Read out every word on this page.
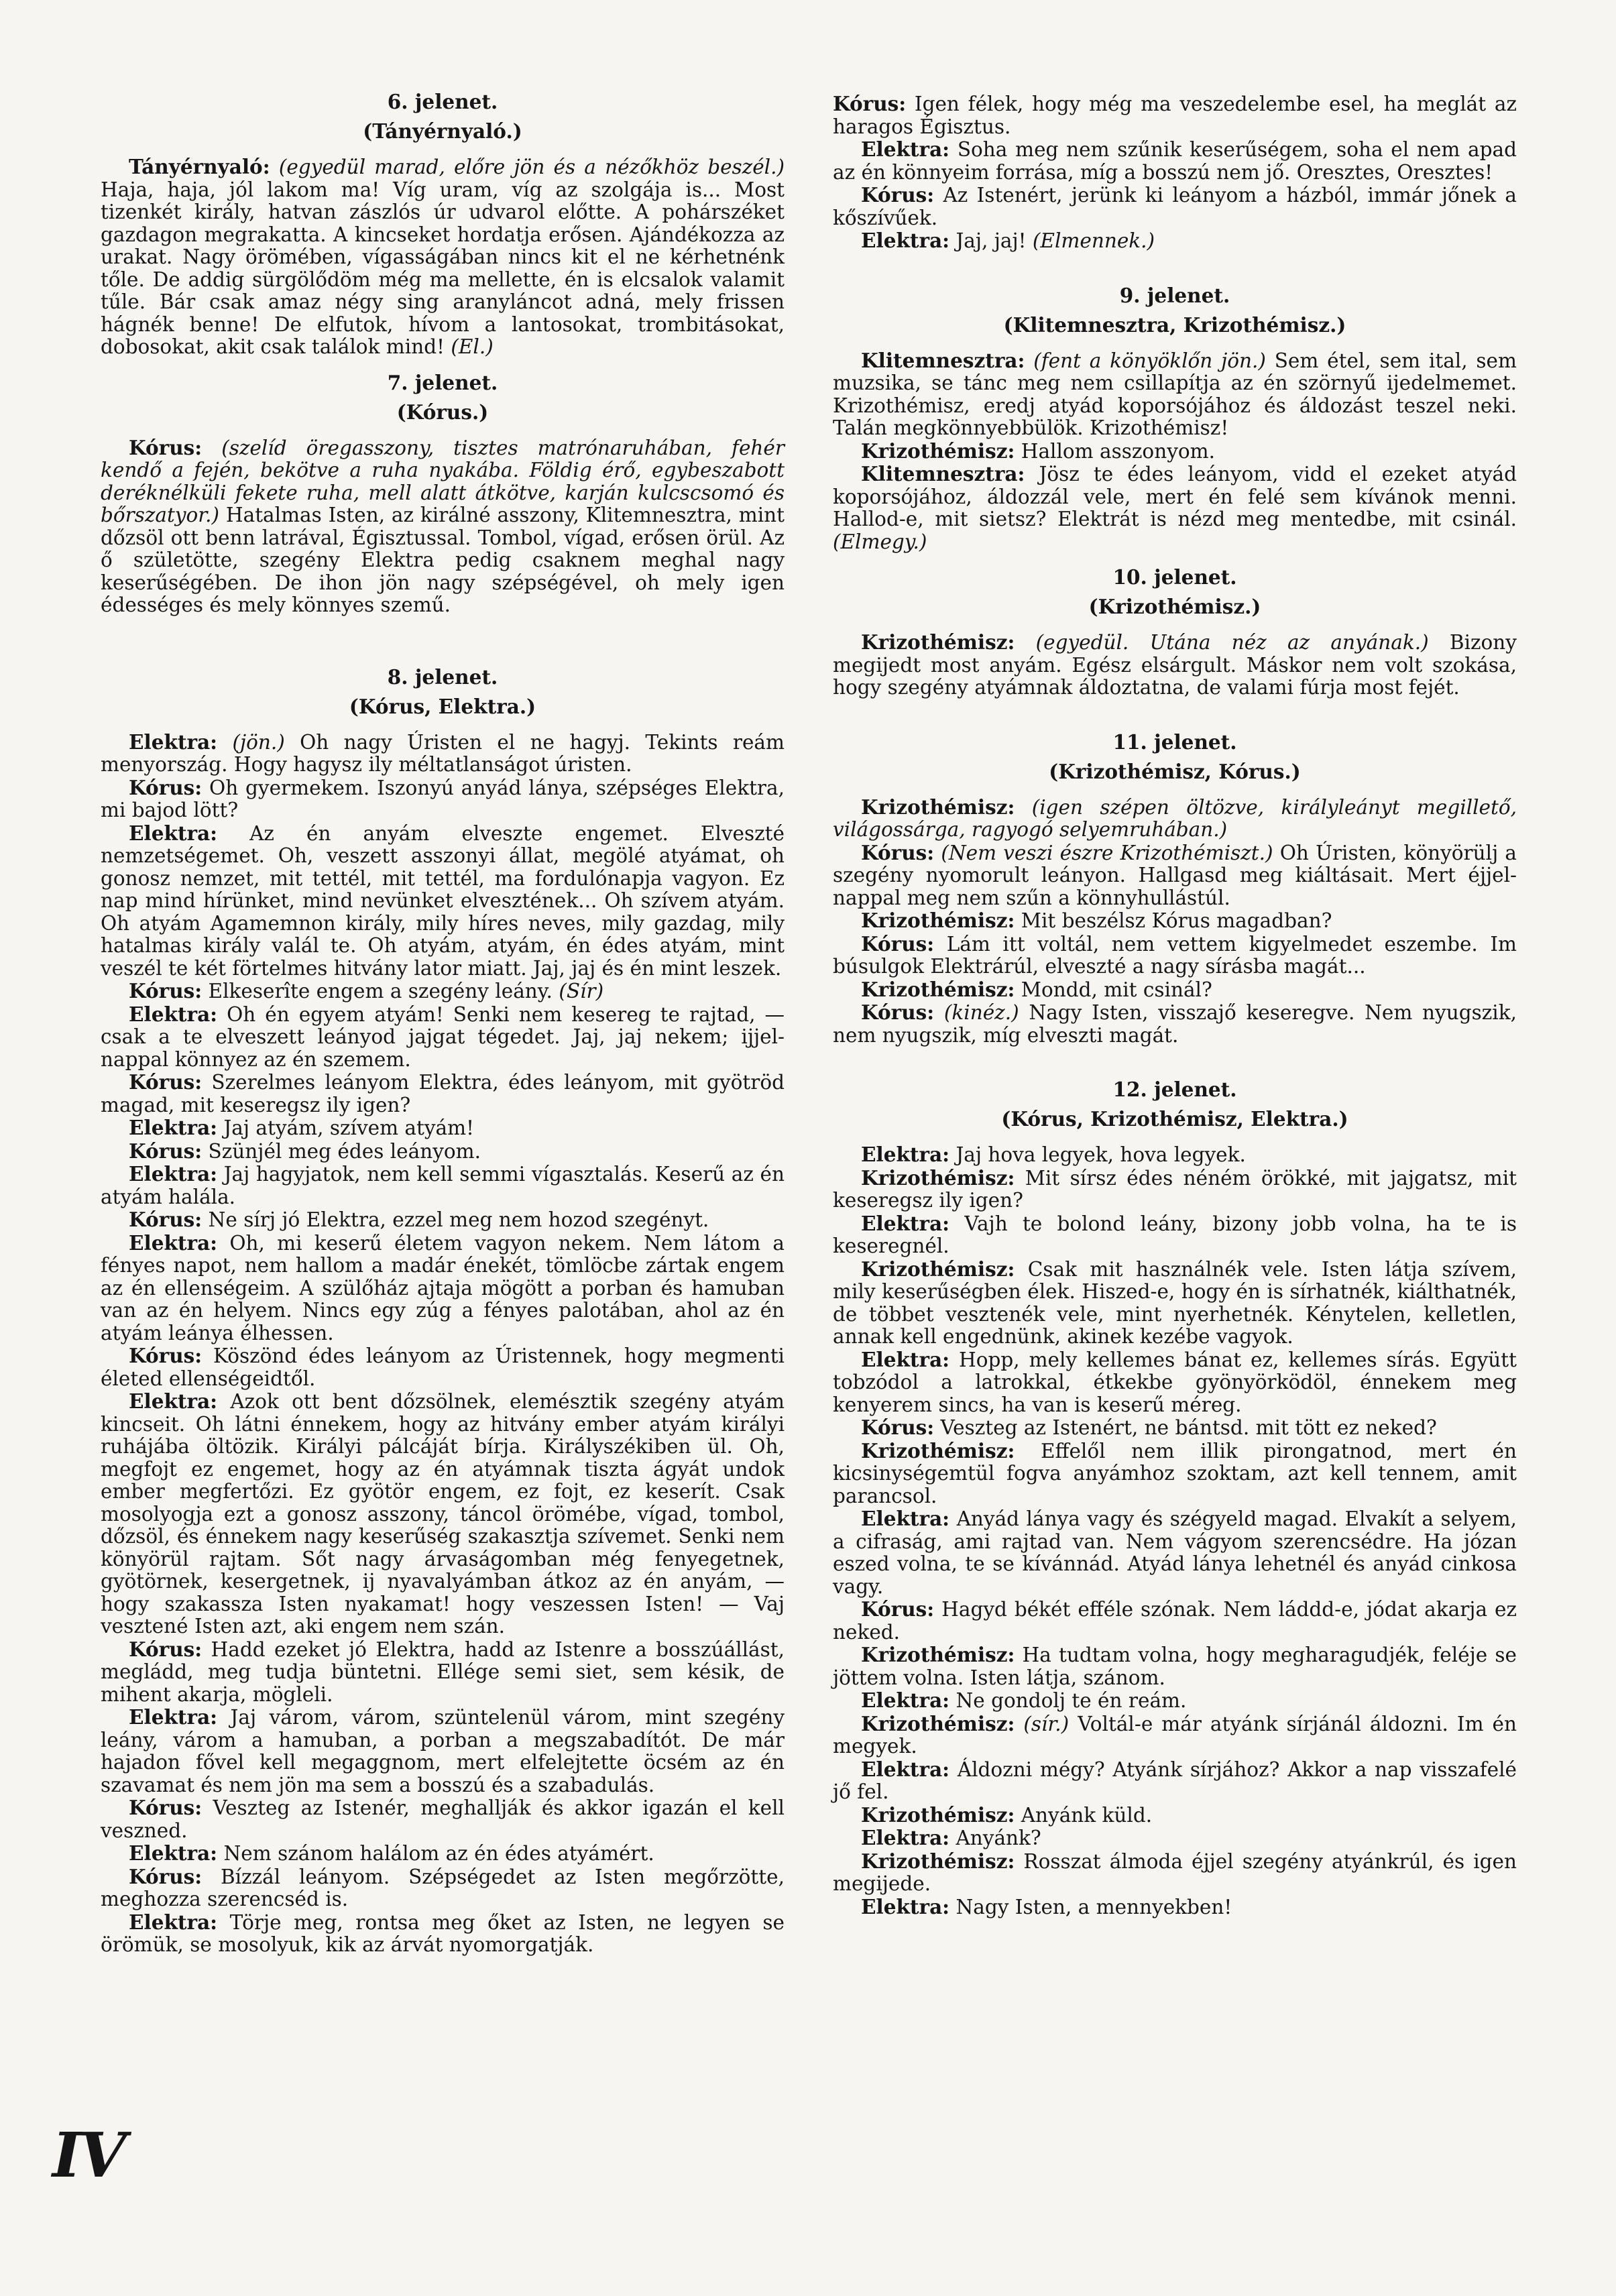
6. jelenet.

(Tányérnyaló.)

Tányérnyaló: (egyedül marad, előre jön és a nézőkhöz beszél.) Haja, haja, jól lakom ma! Víg uram, víg az szolgája is... Most tizenkét király, hatvan zászlós úr udvarol előtte. A pohárszéket gazdagon megrakatta. A kincseket hordatja erősen. Ajándékozza az urakat. Nagy örömében, vígasságában nincs kit el ne kérhetnénk tőle. De addig sürgölődöm még ma mellette, én is elcsalok valamit tűle. Bár csak amaz négy sing aranyláncot adná, mely frissen hágnék benne! De elfutok, hívom a lantosokat, trombitásokat, dobosokat, akit csak találok mind! (El.)

7. jelenet.

(Kórus.)

Kórus: (szelíd öregasszony, tisztes matrónaruhában, fehér kendő a fején, bekötve a ruha nyakába. Földig érő, egybeszabott deréknélküli fekete ruha, mell alatt átkötve, karján kulcscsomó és bőrszatyor.) Hatalmas Isten, az királné asszony, Klitemnesztra, mint dőzsöl ott benn latrával, Égisztussal. Tombol, vígad, erősen örül. Az ő születötte, szegény Elektra pedig csaknem meghal nagy keserűségében. De ihon jön nagy szépségével, oh mely igen édességes és mely könnyes szemű.

8. jelenet.

(Kórus, Elektra.)

Elektra: (jön.) Oh nagy Úristen el ne hagyj. Tekints reám menyország. Hogy hagysz ily méltatlanságot úristen.

Kórus: Oh gyermekem. Iszonyú anyád lánya, szépséges Elektra, mi bajod lött?

Elektra: Az én anyám elveszte engemet. Elveszté nemzetségemet. Oh, veszett asszonyi állat, megölé atyámat, oh gonosz nemzet, mit tettél, mit tettél, ma fordulónapja vagyon. Ez nap mind hírünket, mind nevünket elvesztének... Oh szívem atyám. Oh atyám Agamemnon király, mily híres neves, mily gazdag, mily hatalmas király valál te. Oh atyám, atyám, én édes atyám, mint veszél te két förtelmes hitvány lator miatt. Jaj, jaj és én mint leszek.

Kórus: Elkeserîte engem a szegény leány. (Sír)

Elektra: Oh én egyem atyám! Senki nem kesereg te rajtad, — csak a te elveszett leányod jajgat tégedet. Jaj, jaj nekem; ijjel-nappal könnyez az én szemem.

Kórus: Szerelmes leányom Elektra, édes leányom, mit gyötröd magad, mit keseregsz ily igen?

Elektra: Jaj atyám, szívem atyám!

Kórus: Szünjél meg édes leányom.

Elektra: Jaj hagyjatok, nem kell semmi vígasztalás. Keserű az én atyám halála.

Kórus: Ne sírj jó Elektra, ezzel meg nem hozod szegényt.

Elektra: Oh, mi keserű életem vagyon nekem. Nem látom a fényes napot, nem hallom a madár énekét, tömlöcbe zártak engem az én ellenségeim. A szülőház ajtaja mögött a porban és hamuban van az én helyem. Nincs egy zúg a fényes palotában, ahol az én atyám leánya élhessen.

Kórus: Köszönd édes leányom az Úristennek, hogy megmenti életed ellenségeidtől.

Elektra: Azok ott bent dőzsölnek, elemésztik szegény atyám kincseit. Oh látni énnekem, hogy az hitvány ember atyám királyi ruhájába öltözik. Királyi pálcáját bírja. Királyszékiben ül. Oh, megfojt ez engemet, hogy az én atyámnak tiszta ágyát undok ember megfertőzi. Ez gyötör engem, ez fojt, ez keserít. Csak mosolyogja ezt a gonosz asszony, táncol örömébe, vígad, tombol, dőzsöl, és énnekem nagy keserűség szakasztja szívemet. Senki nem könyörül rajtam. Sőt nagy árvaságomban még fenyegetnek, gyötörnek, kesergetnek, ij nyavalyámban átkoz az én anyám, — hogy szakassza Isten nyakamat! hogy veszessen Isten! — Vaj vesztené Isten azt, aki engem nem szán.

Kórus: Hadd ezeket jó Elektra, hadd az Istenre a bosszúállást, megládd, meg tudja büntetni. Ellége semi siet, sem késik, de mihent akarja, mögleli.

Elektra: Jaj várom, várom, szüntelenül várom, mint szegény leány, várom a hamuban, a porban a megszabadítót. De már hajadon fővel kell megaggnom, mert elfelejtette öcsém az én szavamat és nem jön ma sem a bosszú és a szabadulás.

Kórus: Veszteg az Istenér, meghallják és akkor igazán el kell veszned.

Elektra: Nem szánom halálom az én édes atyámért.

Kórus: Bízzál leányom. Szépségedet az Isten megőrzötte, meghozza szerencséd is.

Elektra: Törje meg, rontsa meg őket az Isten, ne legyen se örömük, se mosolyuk, kik az árvát nyomorgatják.

Kórus: Igen félek, hogy még ma veszedelembe esel, ha meglát az haragos Égisztus.

Elektra: Soha meg nem szűnik keserűségem, soha el nem apad az én könnyeim forrása, míg a bosszú nem jő. Oresztes, Oresztes!

Kórus: Az Istenért, jerünk ki leányom a házból, immár jőnek a kőszívűek.

Elektra: Jaj, jaj! (Elmennek.)

9. jelenet.

(Klitemnesztra, Krizothémisz.)

Klitemnesztra: (fent a könyöklőn jön.) Sem étel, sem ital, sem muzsika, se tánc meg nem csillapítja az én szörnyű ijedelmemet. Krizothémisz, eredj atyád koporsójához és áldozást teszel neki. Talán megkönnyebbülök. Krizothémisz!

Krizothémisz: Hallom asszonyom.

Klitemnesztra: Jösz te édes leányom, vidd el ezeket atyád koporsójához, áldozzál vele, mert én felé sem kívánok menni. Hallod-e, mit sietsz? Elektrát is nézd meg mentedbe, mit csinál. (Elmegy.)

10. jelenet.

(Krizothémisz.)

Krizothémisz: (egyedül. Utána néz az anyának.) Bizony megijedt most anyám. Egész elsárgult. Máskor nem volt szokása, hogy szegény atyámnak áldoztatna, de valami fúrja most fejét.

11. jelenet.

(Krizothémisz, Kórus.)

Krizothémisz: (igen szépen öltözve, királyleányt megillető, világossárga, ragyogó selyemruhában.)

Kórus: (Nem veszi észre Krizothémiszt.) Oh Úristen, könyörülj a szegény nyomorult leányon. Hallgasd meg kiáltásait. Mert éjjel-nappal meg nem szűn a könnyhullástúl.

Krizothémisz: Mit beszélsz Kórus magadban?

Kórus: Lám itt voltál, nem vettem kigyelmedet eszembe. Im búsulgok Elektrárúl, elveszté a nagy sírásba magát...

Krizothémisz: Mondd, mit csinál?

Kórus: (kinéz.) Nagy Isten, visszajő keseregve. Nem nyugszik, nem nyugszik, míg elveszti magát.

12. jelenet.

(Kórus, Krizothémisz, Elektra.)

Elektra: Jaj hova legyek, hova legyek.

Krizothémisz: Mit sírsz édes néném örökké, mit jajgatsz, mit keseregsz ily igen?

Elektra: Vajh te bolond leány, bizony jobb volna, ha te is keseregnél.

Krizothémisz: Csak mit használnék vele. Isten látja szívem, mily keserűségben élek. Hiszed-e, hogy én is sírhatnék, kiálthatnék, de többet vesztenék vele, mint nyerhetnék. Kénytelen, kelletlen, annak kell engednünk, akinek kezébe vagyok.

Elektra: Hopp, mely kellemes bánat ez, kellemes sírás. Együtt tobzódol a latrokkal, étkekbe gyönyörködöl, énnekem meg kenyerem sincs, ha van is keserű méreg.

Kórus: Veszteg az Istenért, ne bántsd. mit tött ez neked?

Krizothémisz: Effelől nem illik pirongatnod, mert én kicsinységemtül fogva anyámhoz szoktam, azt kell tennem, amit parancsol.

Elektra: Anyád lánya vagy és szégyeld magad. Elvakít a selyem, a cifraság, ami rajtad van. Nem vágyom szerencsédre. Ha józan eszed volna, te se kívánnád. Atyád lánya lehetnél és anyád cinkosa vagy.

Kórus: Hagyd békét efféle szónak. Nem láddd-e, jódat akarja ez neked.

Krizothémisz: Ha tudtam volna, hogy megharagudjék, feléje se jöttem volna. Isten látja, szánom.

Elektra: Ne gondolj te én reám.

Krizothémisz: (sír.) Voltál-e már atyánk sírjánál áldozni. Im én megyek.

Elektra: Áldozni mégy? Atyánk sírjához? Akkor a nap visszafelé jő fel.

Krizothémisz: Anyánk küld.

Elektra: Anyánk?

Krizothémisz: Rosszat álmoda éjjel szegény atyánkrúl, és igen megijede.

Elektra: Nagy Isten, a mennyekben!

IV
